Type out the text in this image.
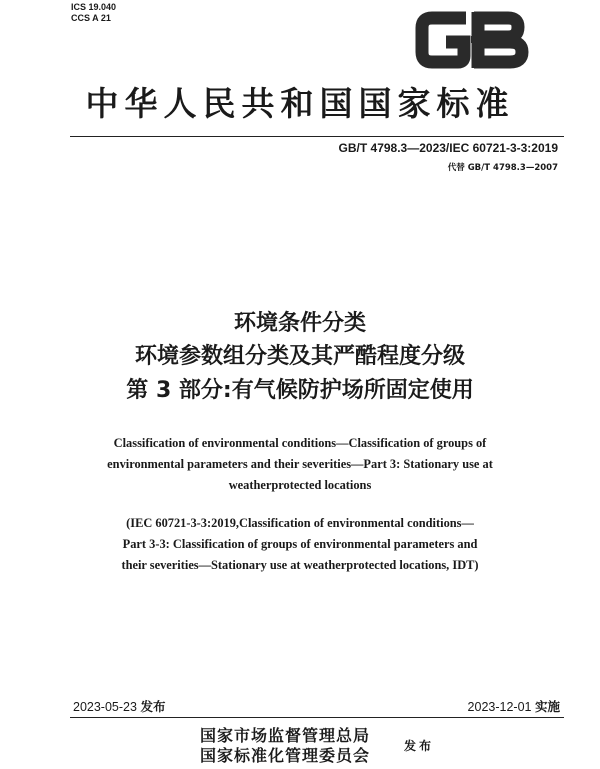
ICS 19.040
CCS A 21
中华人民共和国国家标准
GB/T 4798.3—2023/IEC 60721-3-3:2019
代替 GB/T 4798.3—2007
环境条件分类
环境参数组分类及其严酷程度分级
第 3 部分:有气候防护场所固定使用
Classification of environmental conditions—Classification of groups of
environmental parameters and their severities—Part 3: Stationary use at
weatherprotected locations
(IEC 60721-3-3:2019,Classification of environmental conditions—
Part 3-3: Classification of groups of environmental parameters and
their severities—Stationary use at weatherprotected locations, IDT)
2023-05-23 发布	2023-12-01 实施
国家市场监督管理总局
国家标准化管理委员会	发布
